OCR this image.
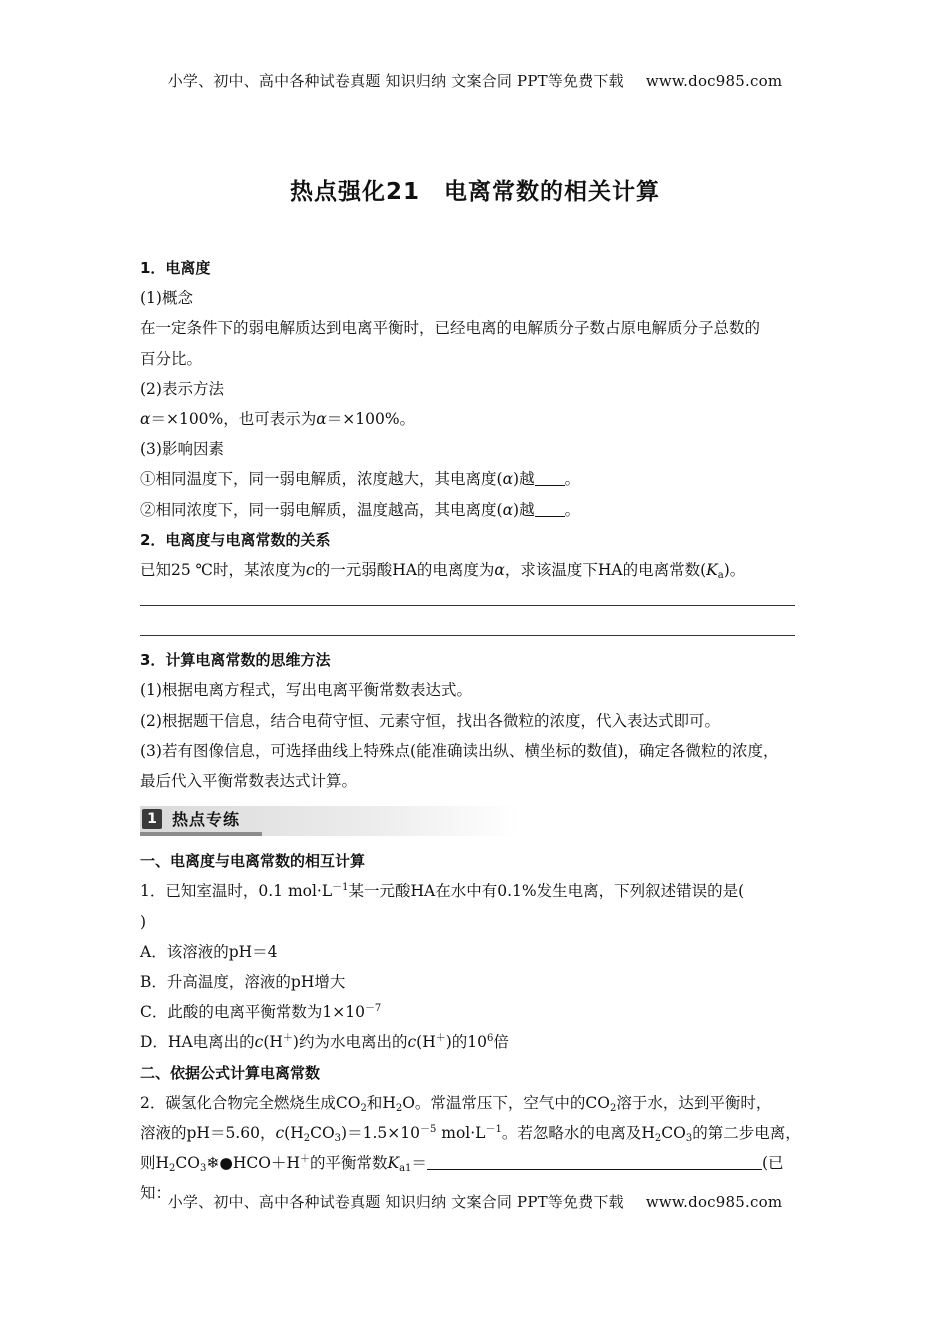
小学、初中、高中各种试卷真题 知识归纳 文案合同 PPT等免费下载 www.doc985.com
热点强化21　电离常数的相关计算

1．电离度

(1)概念

在一定条件下的弱电解质达到电离平衡时，已经电离的电解质分子数占原电解质分子总数的

百分比。

(2)表示方法

α＝×100%，也可表示为α＝×100%。

(3)影响因素

①相同温度下，同一弱电解质，浓度越大，其电离度(α)越 。

②相同浓度下，同一弱电解质，温度越高，其电离度(α)越 。

2．电离度与电离常数的关系

已知25 ℃时，某浓度为c的一元弱酸HA的电离度为α，求该温度下HA的电离常数$(K_a)$。

3．计算电离常数的思维方法

(1)根据电离方程式，写出电离平衡常数表达式。

(2)根据题干信息，结合电荷守恒、元素守恒，找出各微粒的浓度，代入表达式即可。

(3)若有图像信息，可选择曲线上特殊点(能准确读出纵、横坐标的数值)，确定各微粒的浓度，

最后代入平衡常数表达式计算。

1 热点专练

一、电离度与电离常数的相互计算

1．已知室温时，0.1 $mol\cdot L^{-1}$某一元酸HA在水中有0.1%发生电离，下列叙述错误的是(

)

A．该溶液的pH＝4

B．升高温度，溶液的pH增大

C．此酸的电离平衡常数为$1\times 10^{-7}$

D．HA电离出的c(H＋)约为水电离出的c(H＋)的$10^6$倍

二、依据公式计算电离常数

2．碳氢化合物完全燃烧生成$CO_2$和$H_2O$。常温常压下，空气中的$CO_2$溶于水，达到平衡时，

溶液的pH＝5.60，$c(H_2CO_3)=1.5\times 10^{-5}$ $mol\cdot L^{-1}$。若忽略水的电离及$H_2CO_3$的第二步电离，

则$H_2CO_3❄●HCO+H^+$的平衡常数$K_{a1}=$	(已知：

小学、初中、高中各种试卷真题 知识归纳 文案合同 PPT等免费下载 www.doc985.com
